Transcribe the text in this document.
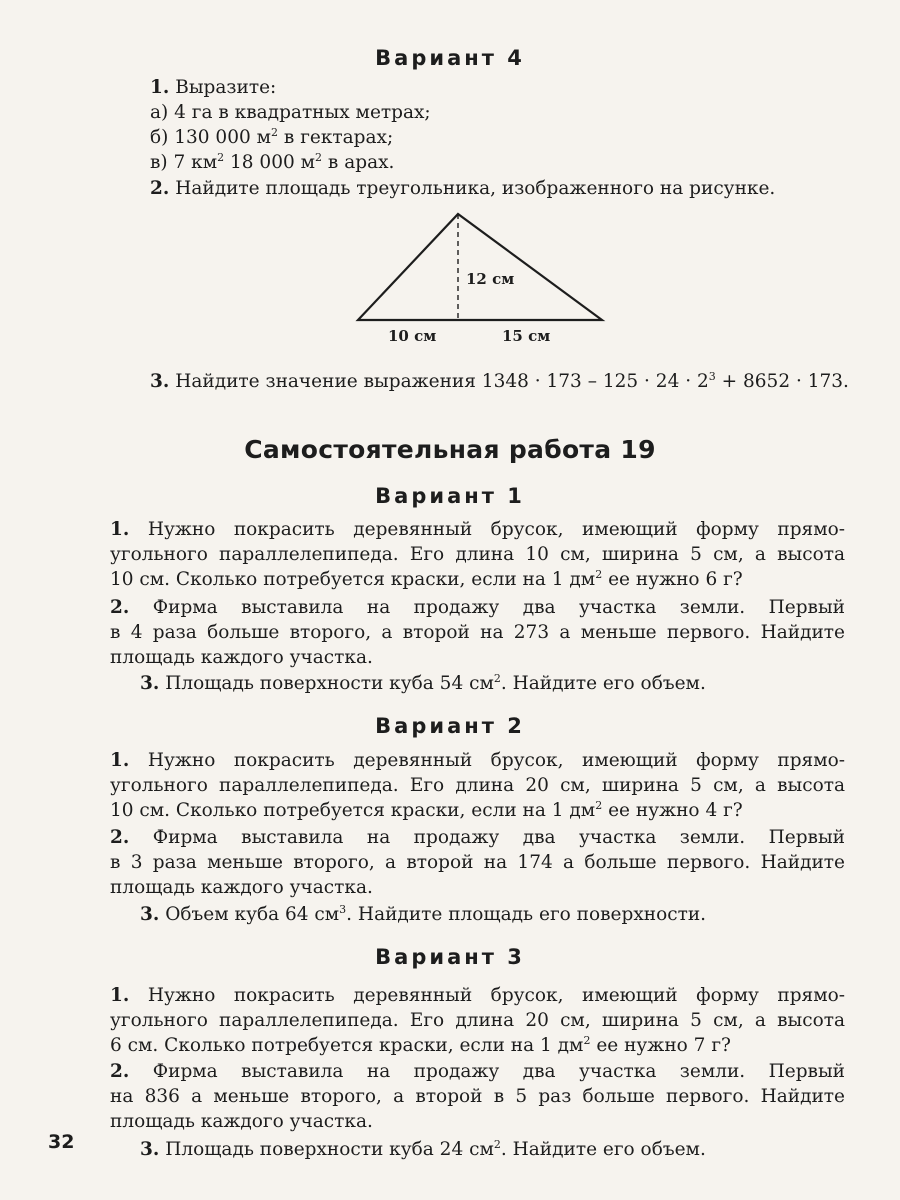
Вариант 4
1. Выразите:
а) 4 га в квадратных метрах;
б) 130 000 $м^2$ в гектарах;
в) 7 $км^2$ 18 000 $м^2$ в арах.
2. Найдите площадь треугольника, изображенного на рисунке.
12 см
10 см	15 см
3. Найдите значение выражения $1348 \cdot 173 - 125 \cdot 24 \cdot 2^3 + 8652 \cdot 173$.
Самостоятельная работа 19
Вариант 1
1. Нужно покрасить деревянный брусок, имеющий форму прямо-
угольного параллелепипеда. Его длина 10 см, ширина 5 см, а высота
10 см. Сколько потребуется краски, если на 1 $дм^2$ ее нужно 6 г?
2. Фирма выставила на продажу два участка земли. Первый
в 4 раза больше второго, а второй на 273 а меньше первого. Найдите
площадь каждого участка.
3. Площадь поверхности куба 54 $см^2$. Найдите его объем.
Вариант 2
1. Нужно покрасить деревянный брусок, имеющий форму прямо-
угольного параллелепипеда. Его длина 20 см, ширина 5 см, а высота
10 см. Сколько потребуется краски, если на 1 $дм^2$ ее нужно 4 г?
2. Фирма выставила на продажу два участка земли. Первый
в 3 раза меньше второго, а второй на 174 а больше первого. Найдите
площадь каждого участка.
3. Объем куба 64 $см^3$. Найдите площадь его поверхности.
Вариант 3
1. Нужно покрасить деревянный брусок, имеющий форму прямо-
угольного параллелепипеда. Его длина 20 см, ширина 5 см, а высота
6 см. Сколько потребуется краски, если на 1 $дм^2$ ее нужно 7 г?
2. Фирма выставила на продажу два участка земли. Первый
на 836 а меньше второго, а второй в 5 раз больше первого. Найдите
площадь каждого участка.
3. Площадь поверхности куба 24 $см^2$. Найдите его объем.
32
